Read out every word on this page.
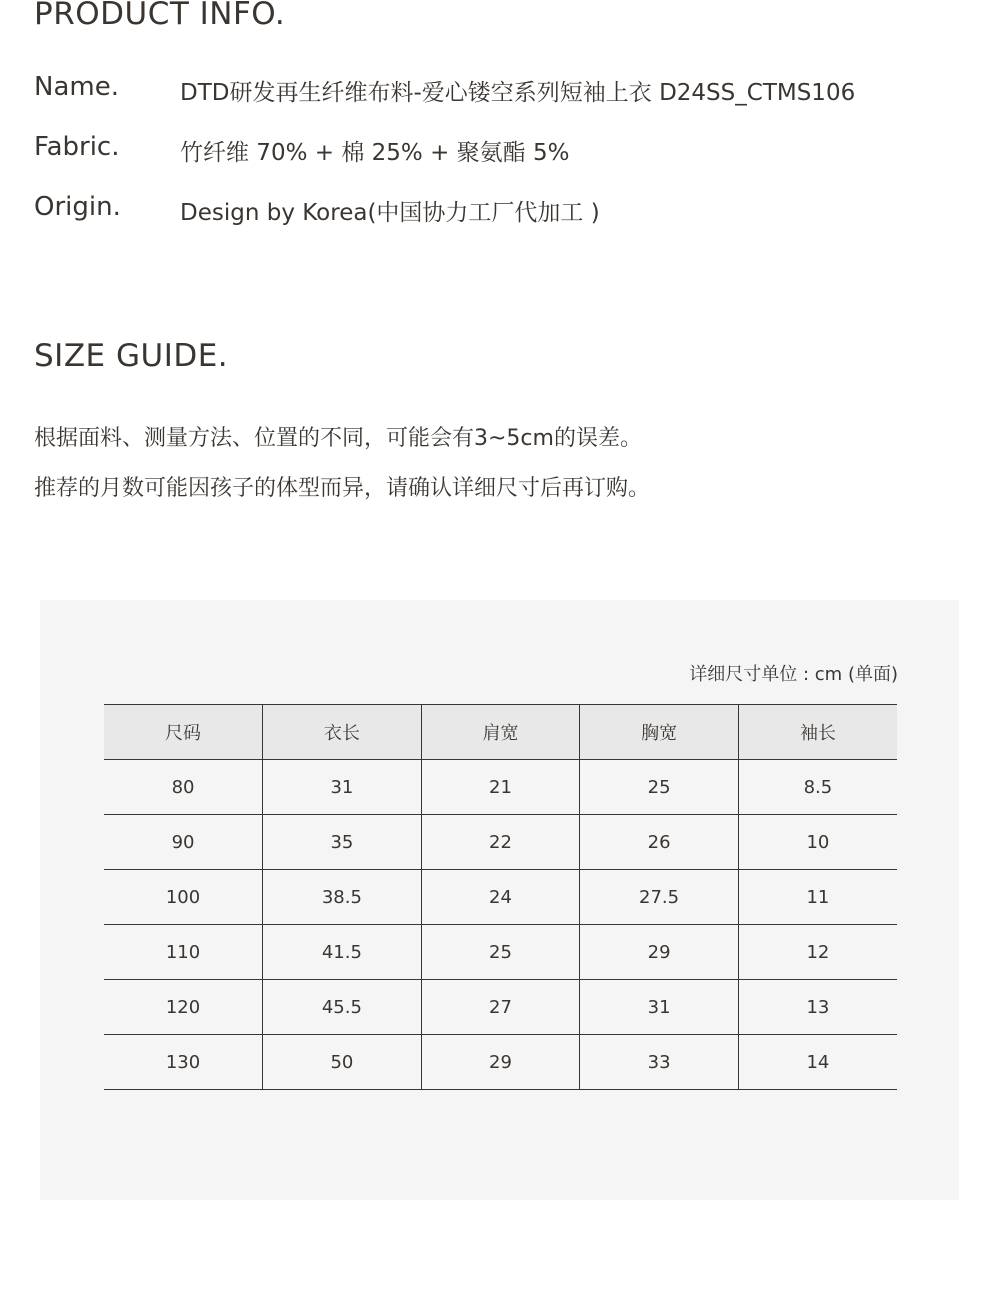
PRODUCT INFO.
Name.	DTD研发再生纤维布料-爱心镂空系列短袖上衣 D24SS_CTMS106
Fabric.	竹纤维 70% + 棉 25% + 聚氨酯 5%
Origin.	Design by Korea(中国协力工厂代加工 )
SIZE GUIDE.

根据面料、测量方法、位置的不同，可能会有3~5cm的误差。

推荐的月数可能因孩子的体型而异，请确认详细尺寸后再订购。

详细尺寸单位 : cm (单面)
尺码	衣长	肩宽	胸宽	袖长
80	31	21	25	8.5
90	35	22	26	10
100	38.5	24	27.5	11
110	41.5	25	29	12
120	45.5	27	31	13
130	50	29	33	14
